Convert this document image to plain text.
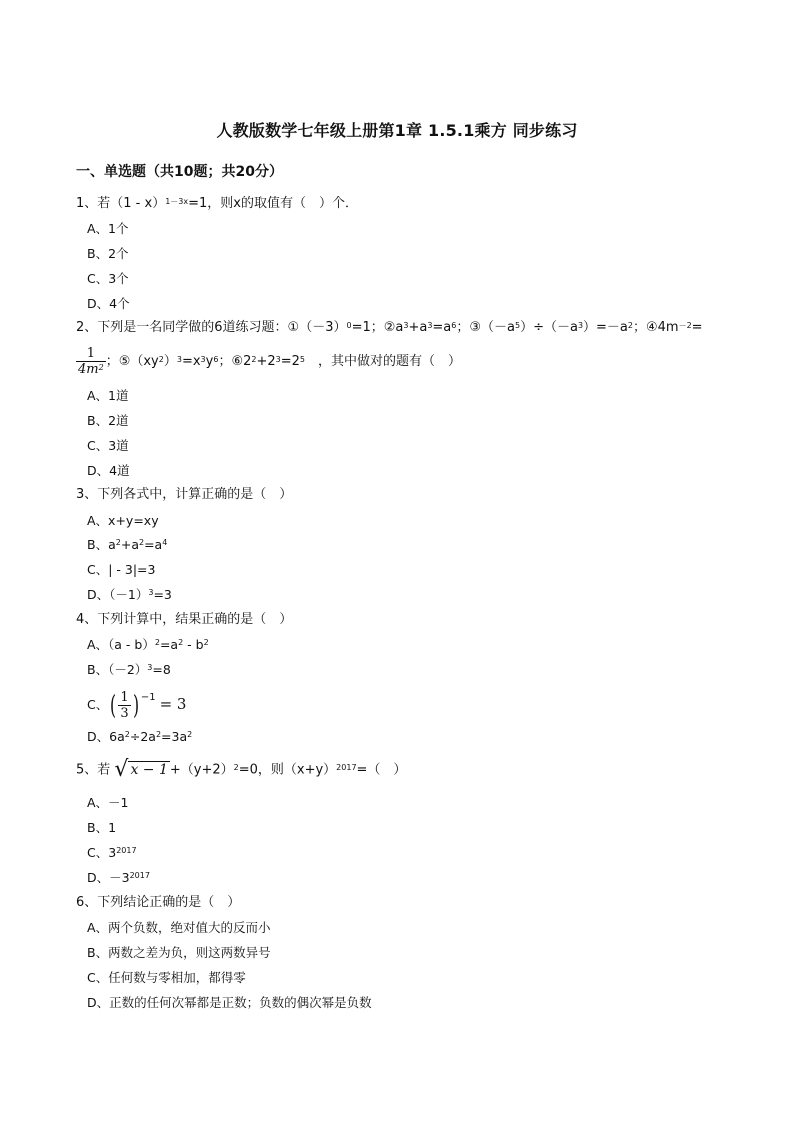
人教版数学七年级上册第1章 1.5.1乘方 同步练习
一、单选题（共10题；共20分）
1、若（1 - x）$^{1-3x}$=1，则x的取值有（　）个．
A、1个
B、2个
C、3个
D、4个
2、下列是一名同学做的6道练习题：$①(-3)^0=1$；$②a^3+a^3=a^6$；$③(-a^5)\div(-a^3)=-a^2$；$④4m^{-2}=$
$\frac{1}{4m^2}$ ；$⑤(xy^2)^3=x^3y^6$；$⑥2^2+2^3=2^5$　，其中做对的题有（　）
A、1道
B、2道
C、3道
D、4道
3、下列各式中，计算正确的是（　）
A、x+y=xy
B、$a^2+a^2=a^4$
C、| - 3|=3
D、$(-1)^3=3$
4、下列计算中，结果正确的是（　）
A、$(a - b)^2=a^2 - b^2$
B、$(-2)^3=8$
C、( $\frac{1}{3}$ ) $^{-1}$ = 3
D、$6a^2\div 2a^2=3a^2$
5、若 √ $x - 1 +(y+2)^2=0$，则$(x+y)^{2017}=$（　）
A、－1
B、1
C、$3^{2017}$
D、$-3^{2017}$
6、下列结论正确的是（　）
A、两个负数，绝对值大的反而小
B、两数之差为负，则这两数异号
C、任何数与零相加，都得零
D、正数的任何次幂都是正数；负数的偶次幂是负数
